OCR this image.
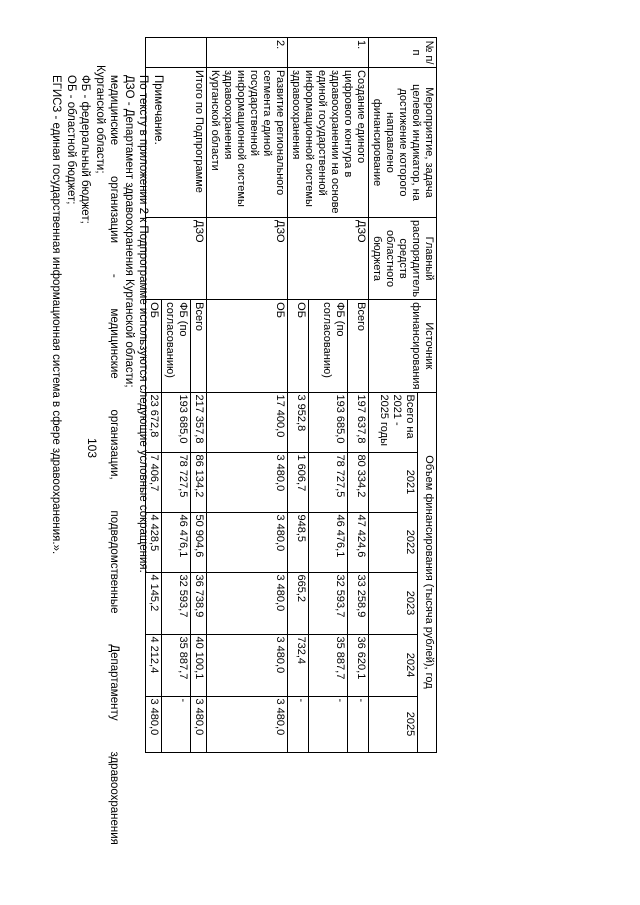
103
№ п/п	Мероприятие, задача целевой индикатор, на достижение которого направлено финансирование	Главный распорядитель средств областного бюджета	Источник финансирования	Объем финансирования (тысяча рублей), год					
				Всего на 2021 - 2025 годы	2021	2022	2023	2024	2025
1.	Создание единого цифрового контура в здравоохранении на основе единой государственной информационной системы здравоохранения	ДЗО	Всего	197 637,8	80 334,2	47 424,6	33 258,9	36 620,1	-
			ФБ (по согласованию)	193 685,0	78 727,5	46 476,1	32 593,7	35 887,7	-
			ОБ	3 952,8	1 606,7	948,5	665,2	732,4	-
2.	Развитие регионального сегмента единой государственной информационной системы здравоохранения Курганской области	ДЗО	ОБ	17 400,0	3 480,0	3 480,0	3 480,0	3 480,0	3 480,0
	Итого по Подпрограмме	ДЗО	Всего	217 357,8	86 134,2	50 904,6	36 738,9	40 100,1	3 480,0
			ФБ (по согласованию)	193 685,0	78 727,5	46 476,1	32 593,7	35 887,7	-
			ОБ	23 672,8	7 406,7	4 428,5	4 145,2	4 212,4	3 480,0

Примечание.

По тексту в приложении 2 к Подпрограмме используются следующие условные сокращения:

ДЗО - Департамент здравоохранения Курганской области;

медицинские
организации
-
медицинские
организации,
подведомственные
Департаменту
здравоохранения

Курганской области;

ФБ - федеральный бюджет;

ОБ - областной бюджет;

ЕГИСЗ - единая государственная информационная система в сфере здравоохранения.».
